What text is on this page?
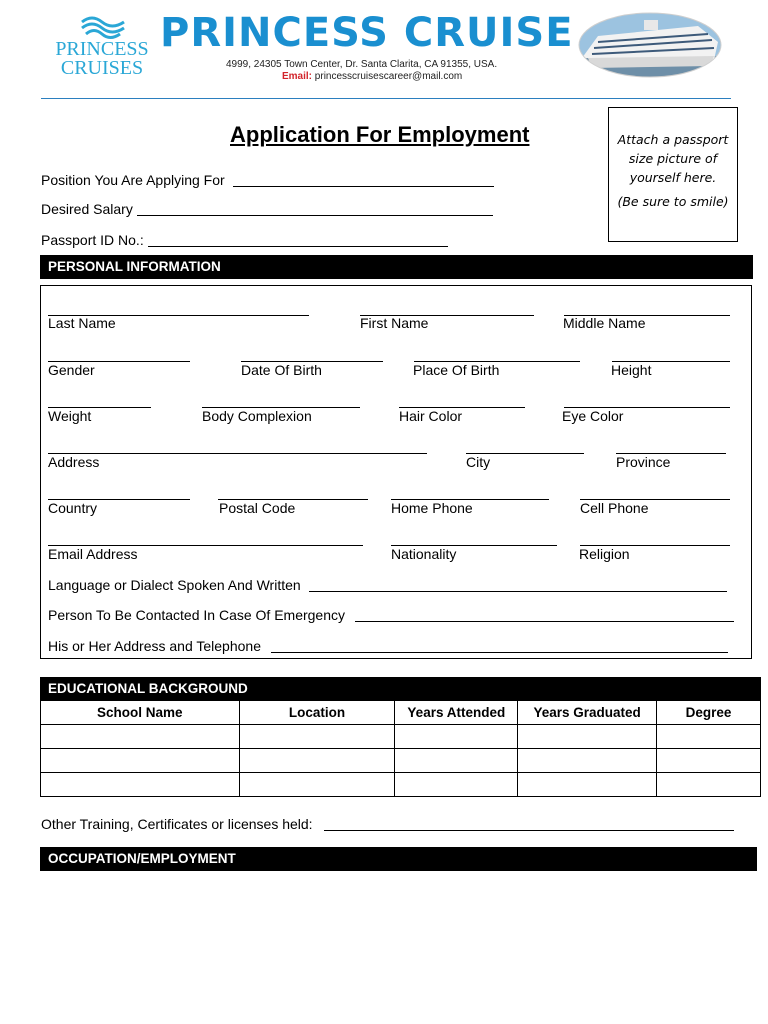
PRINCESS
CRUISES
PRINCESS CRUISE
4999, 24305 Town Center, Dr. Santa Clarita, CA 91355, USA.
Email: princesscruisescareer@mail.com
Application For Employment	Attach a passport
size picture of
yourself here.
(Be sure to smile)
Position You Are Applying For
Desired Salary
Passport ID No.:
PERSONAL INFORMATION
Last Name	First Name	Middle Name
Gender	Date Of Birth	Place Of Birth	Height
Weight	Body Complexion	Hair Color	Eye Color
Address	City	Province
Country	Postal Code	Home Phone	Cell Phone
Email Address	Nationality	Religion
Language or Dialect Spoken And Written
Person To Be Contacted In Case Of Emergency
His or Her Address and Telephone
EDUCATIONAL BACKGROUND
School Name	Location	Years Attended	Years Graduated	Degree

Other Training, Certificates or licenses held:
OCCUPATION/EMPLOYMENT
